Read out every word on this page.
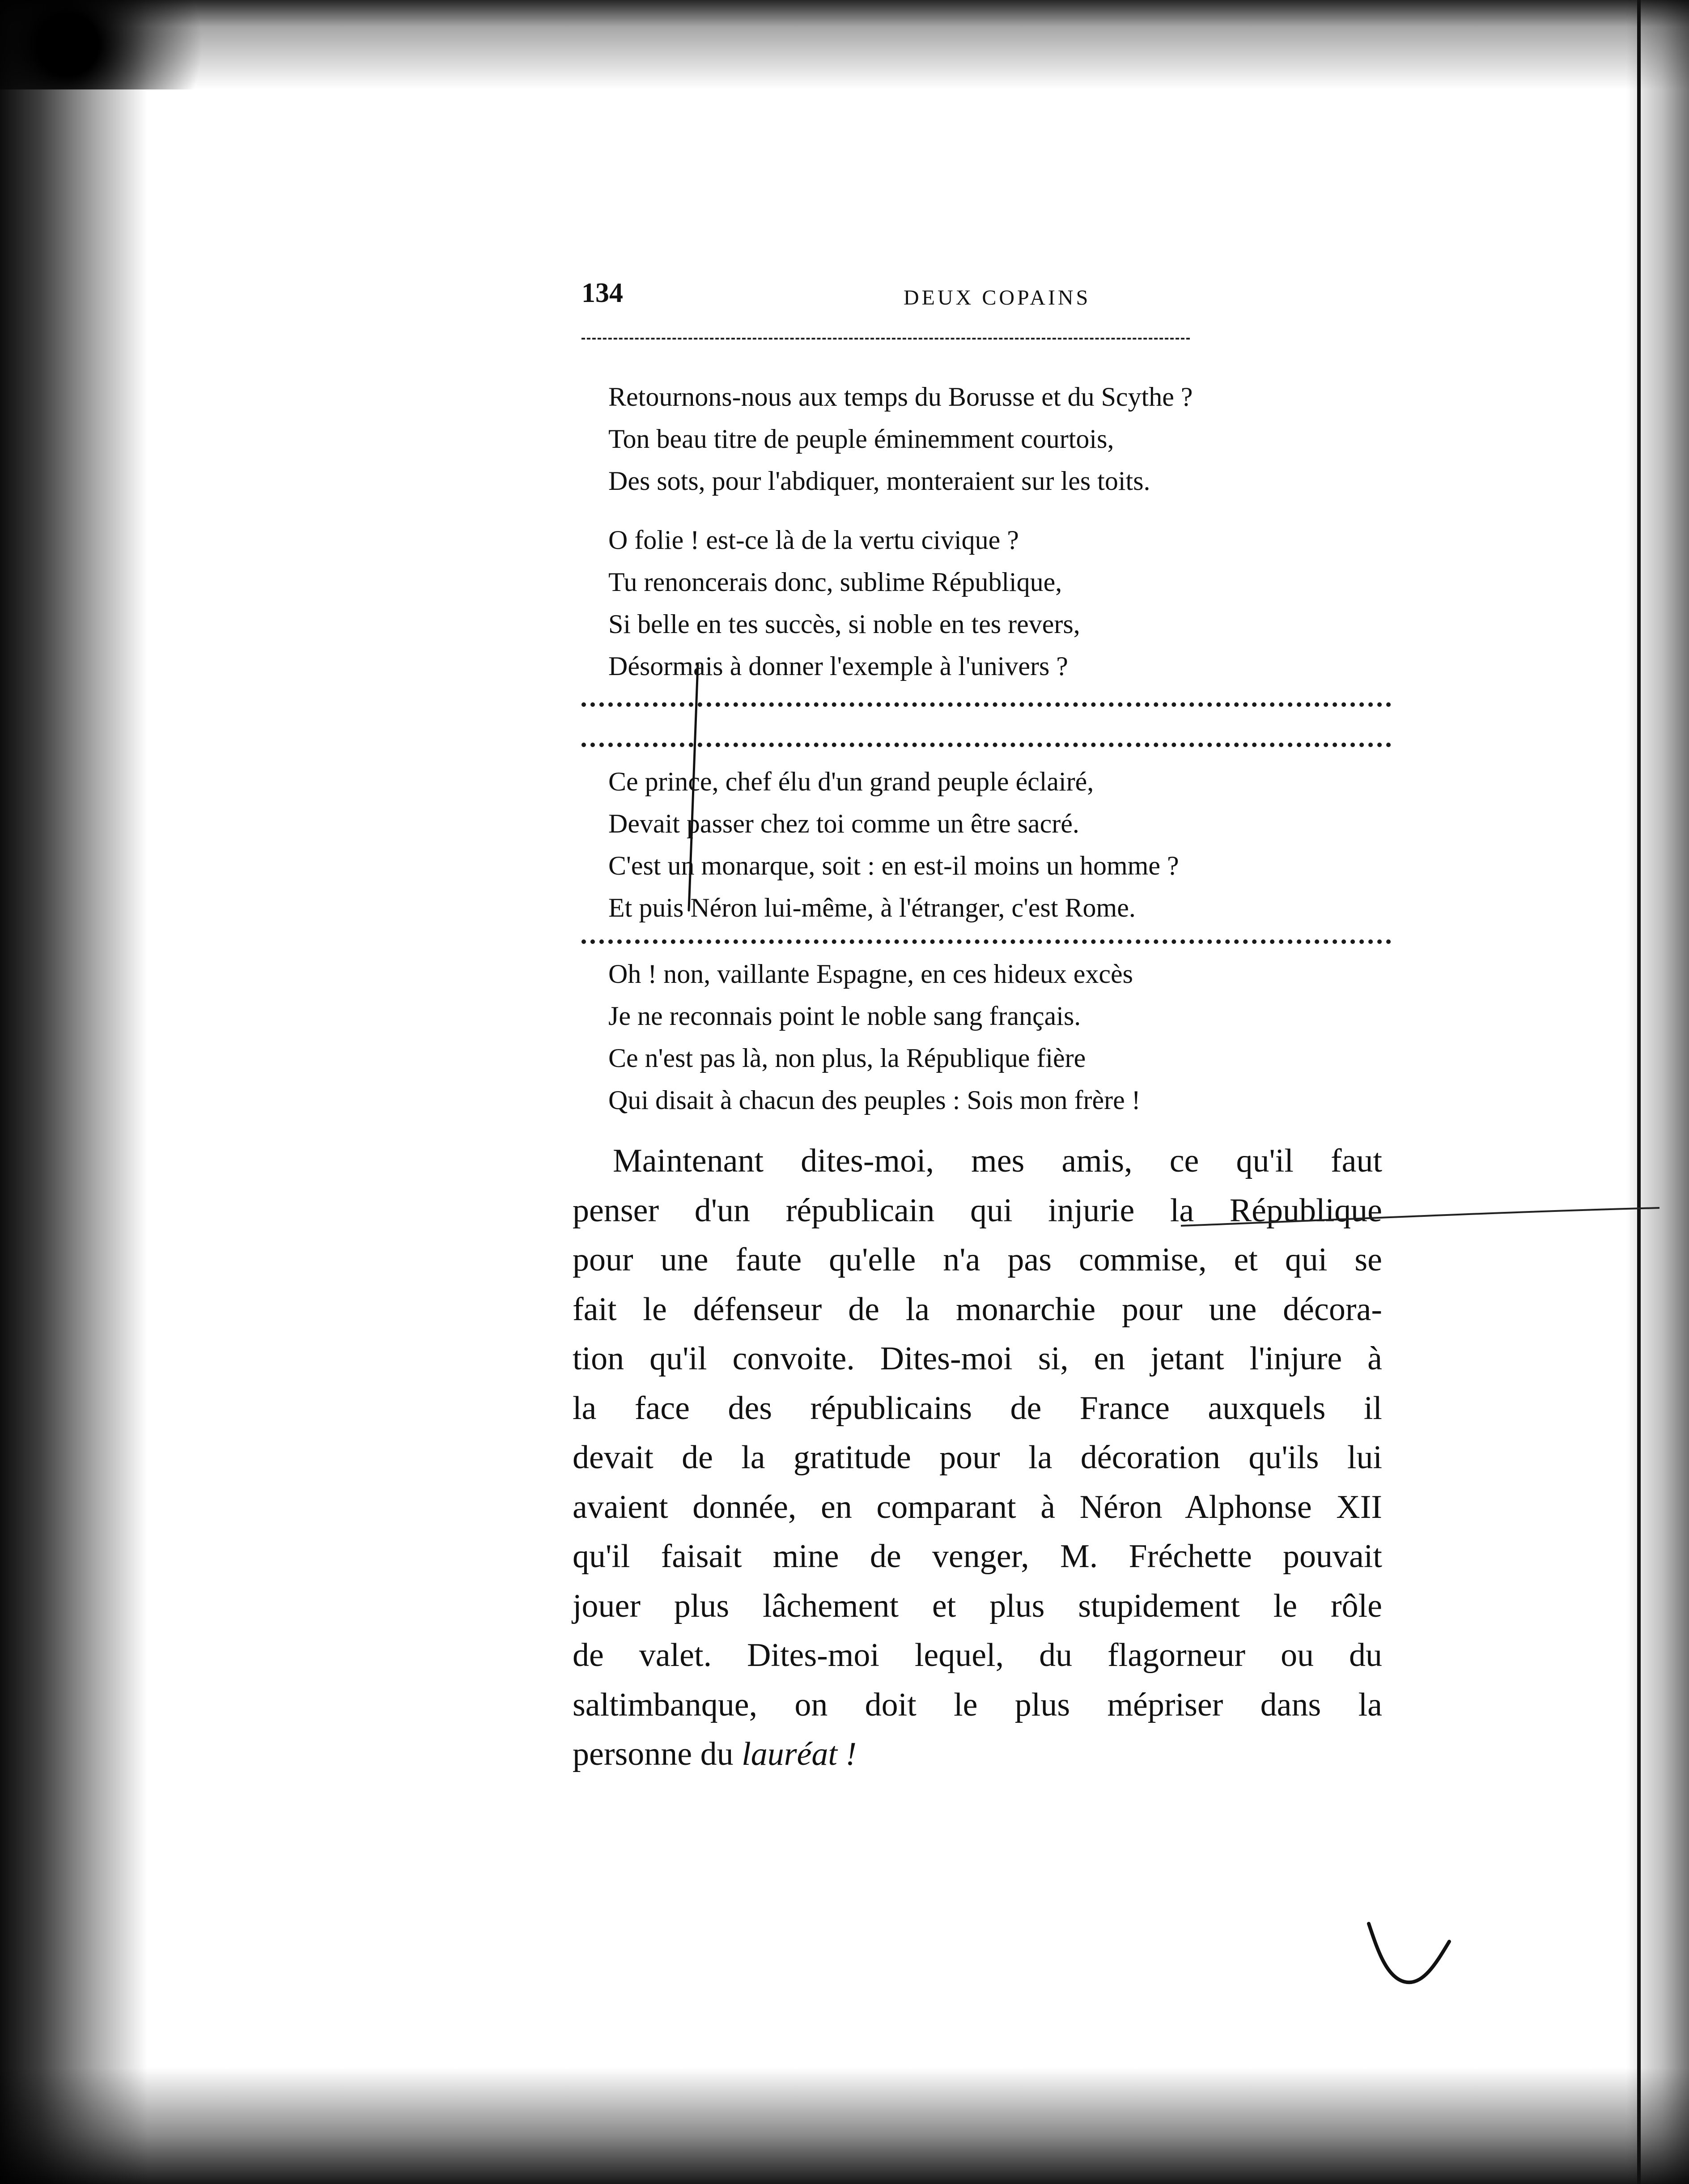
134	DEUX COPAINS
Retournons-nous aux temps du Borusse et du Scythe ?
Ton beau titre de peuple éminemment courtois,
Des sots, pour l'abdiquer, monteraient sur les toits.
O folie ! est-ce là de la vertu civique ?
Tu renoncerais donc, sublime République,
Si belle en tes succès, si noble en tes revers,
Désormais à donner l'exemple à l'univers ?
Ce prince, chef élu d'un grand peuple éclairé,
Devait passer chez toi comme un être sacré.
C'est un monarque, soit : en est-il moins un homme ?
Et puis Néron lui-même, à l'étranger, c'est Rome.
Oh ! non, vaillante Espagne, en ces hideux excès
Je ne reconnais point le noble sang français.
Ce n'est pas là, non plus, la République fière
Qui disait à chacun des peuples : Sois mon frère !
Maintenant dites-moi, mes amis, ce qu'il faut
penser d'un républicain qui injurie la République
pour une faute qu'elle n'a pas commise, et qui se
fait le défenseur de la monarchie pour une décora-
tion qu'il convoite. Dites-moi si, en jetant l'injure à
la face des républicains de France auxquels il
devait de la gratitude pour la décoration qu'ils lui
avaient donnée, en comparant à Néron Alphonse XII
qu'il faisait mine de venger, M. Fréchette pouvait
jouer plus lâchement et plus stupidement le rôle
de valet. Dites-moi lequel, du flagorneur ou du
saltimbanque, on doit le plus mépriser dans la
personne du lauréat !
